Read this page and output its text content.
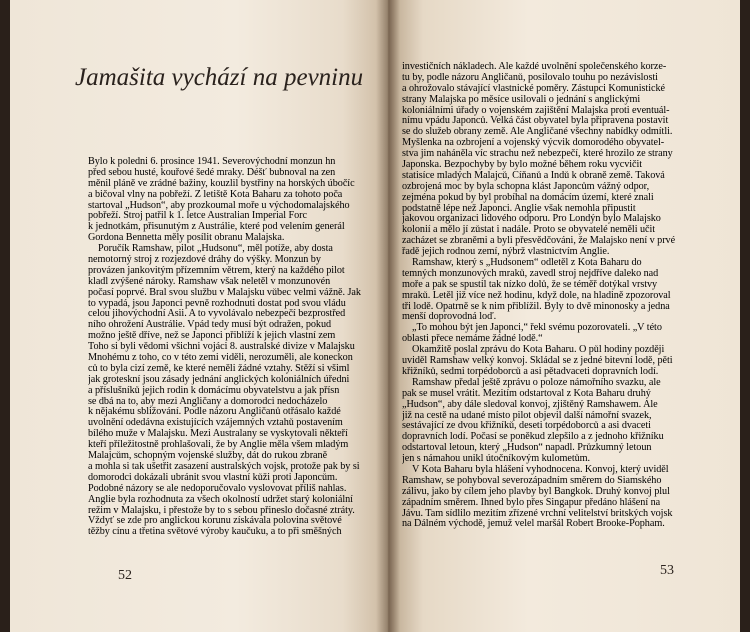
Jamašita vychází na pevninu
Bylo k poledni 6. prosince 1941. Severovýchodní monzun hn
před sebou husté, kouřové šedé mraky. Déšť bubnoval na zen
měnil pláně ve zrádné bažiny, kouzlil bystřiny na horských úbočíc
a bičoval vlny na pobřeží. Z letiště Kota Baharu za tohoto poča
startoval „Hudson“, aby prozkoumal moře u východomalajského
pobřeží. Stroj patřil k 1. letce Australian Imperial Forc
k jednotkám, přisunutým z Austrálie, které pod velením generál
Gordona Bennetta měly posílit obranu Malajska.
Poručík Ramshaw, pilot „Hudsonu“, měl potíže, aby dosta
nemotorný stroj z rozjezdové dráhy do výšky. Monzun by
provázen jankovitým přízemním větrem, který na každého pilot
kladl zvýšené nároky. Ramshaw však neletěl v monzunovén
počasí poprvé. Bral svou službu v Malajsku vůbec velmi vážně. Jak
to vypadá, jsou Japonci pevně rozhodnuti dostat pod svou vládu
celou jihovýchodní Asii. A to vyvolávalo nebezpečí bezprostřed
ního ohrožení Austrálie. Vpád tedy musí být odražen, pokud
možno ještě dříve, než se Japonci přiblíží k jejich vlastní zem
Toho si byli vědomi všichni vojáci 8. australské divize v Malajsku
Mnohému z toho, co v této zemi viděli, nerozuměli, ale koneckon
ců to byla cizí země, ke které neměli žádné vztahy. Stěží si všiml
jak groteskní jsou zásady jednání anglických koloniálních úředni
a příslušníků jejich rodin k domácímu obyvatelstvu a jak přísn
se dbá na to, aby mezi Angličany a domorodci nedocházelo
k nějakému sbližování. Podle názoru Angličanů otřásalo každé
uvolnění odedávna existujících vzájemných vztahů postavením
bílého muže v Malajsku. Mezi Australany se vyskytovali někteří
kteří příležitostně prohlašovali, že by Anglie měla všem mladým
Malajcům, schopným vojenské služby, dát do rukou zbraně
a mohla si tak ušetřit zasazení australských vojsk, protože pak by si
domorodci dokázali ubránit svou vlastní kůži proti Japoncům.
Podobné názory se ale nedoporučovalo vyslovovat příliš nahlas.
Anglie byla rozhodnuta za všech okolností udržet starý koloniální
režim v Malajsku, i přestože by to s sebou přineslo dočasné ztráty.
Vždyť se zde pro anglickou korunu získávala polovina světové
těžby cínu a třetina světové výroby kaučuku, a to při směšných
52
investičních nákladech. Ale každé uvolnění společenského korze-
tu by, podle názoru Angličanů, posilovalo touhu po nezávislosti
a ohrožovalo stávající vlastnické poměry. Zástupci Komunistické
strany Malajska po měsíce usilovali o jednání s anglickými
koloniálními úřady o vojenském zajištění Malajska proti eventuál-
nímu vpádu Japonců. Velká část obyvatel byla připravena postavit
se do služeb obrany země. Ale Angličané všechny nabídky odmítli.
Myšlenka na ozbrojení a vojenský výcvik domorodého obyvatel-
stva jim naháněla víc strachu než nebezpečí, které hrozilo ze strany
Japonska. Bezpochyby by bylo možné během roku vycvičit
statisíce mladých Malajců, Číňanů a Indů k obraně země. Taková
ozbrojená moc by byla schopna klást Japoncům vážný odpor,
zejména pokud by byl probíhal na domácím území, které znali
podstatně lépe než Japonci. Anglie však nemohla připustit
jakovou organizaci lidového odporu. Pro Londýn bylo Malajsko
kolonií a mělo jí zůstat i nadále. Proto se obyvatelé neměli učit
zacházet se zbraněmi a byli přesvědčováni, že Malajsko není v prvé
řadě jejich rodnou zemí, nýbrž vlastnictvím Anglie.
Ramshaw, který s „Hudsonem“ odletěl z Kota Baharu do
temných monzunových mraků, zavedl stroj nejdříve daleko nad
moře a pak se spustil tak nízko dolů, že se téměř dotýkal vrstvy
mraků. Letěl již více než hodinu, když dole, na hladině zpozoroval
tři lodě. Opatrně se k nim přiblížil. Byly to dvě minonosky a jedna
menší doprovodná loď.
„To mohou být jen Japonci,“ řekl svému pozorovateli. „V této
oblasti přece nemáme žádné lodě.“
Okamžitě poslal zprávu do Kota Baharu. O půl hodiny později
uviděl Ramshaw velký konvoj. Skládal se z jedné bitevní lodě, pěti
křižníků, sedmi torpédoborců a asi pětadvaceti dopravních lodí.
Ramshaw předal ještě zprávu o poloze námořního svazku, ale
pak se musel vrátit. Mezitím odstartoval z Kota Baharu druhý
„Hudson“, aby dále sledoval konvoj, zjištěný Ramshawem. Ale
již na cestě na udané místo pilot objevil další námořní svazek,
sestávající ze dvou křižníků, deseti torpédoborců a asi dvaceti
dopravních lodí. Počasí se poněkud zlepšilo a z jednoho křižníku
odstartoval letoun, který „Hudson“ napadl. Průzkumný letoun
jen s námahou unikl útočníkovým kulometům.
V Kota Baharu byla hlášení vyhodnocena. Konvoj, který uviděl
Ramshaw, se pohyboval severozápadním směrem do Siamského
zálivu, jako by cílem jeho plavby byl Bangkok. Druhý konvoj plul
západním směrem. Ihned bylo přes Singapur předáno hlášení na
Jávu. Tam sídlilo mezitím zřízené vrchní velitelství britských vojsk
na Dálném východě, jemuž velel maršál Robert Brooke-Popham.
53
